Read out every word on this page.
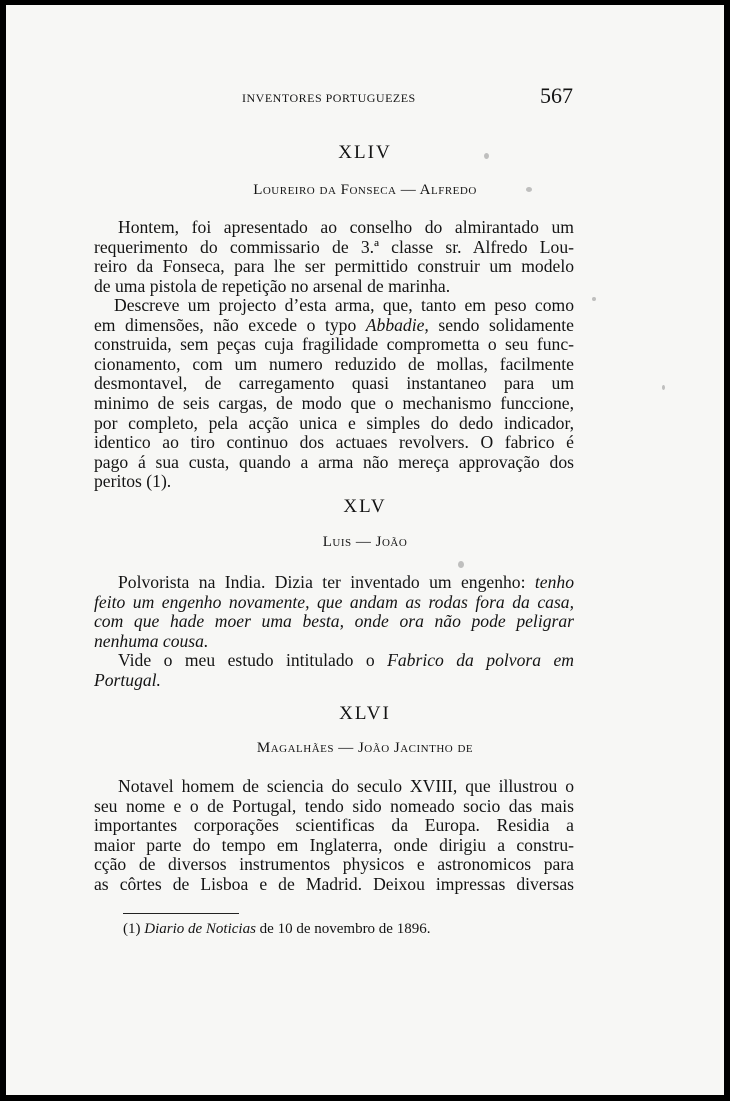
INVENTORES PORTUGUEZES	567
XLIV
Loureiro da Fonseca — Alfredo
Hontem, foi apresentado ao conselho do almirantado um
requerimento do commissario de 3.ª classe sr. Alfredo Lou-
reiro da Fonseca, para lhe ser permittido construir um modelo
de uma pistola de repetição no arsenal de marinha.
Descreve um projecto d’esta arma, que, tanto em peso como
em dimensões, não excede o typo Abbadie, sendo solidamente
construida, sem peças cuja fragilidade comprometta o seu func-
cionamento, com um numero reduzido de mollas, facilmente
desmontavel, de carregamento quasi instantaneo para um
minimo de seis cargas, de modo que o mechanismo funccione,
por completo, pela acção unica e simples do dedo indicador,
identico ao tiro continuo dos actuaes revolvers. O fabrico é
pago á sua custa, quando a arma não mereça approvação dos
peritos (1).
XLV
Luis — João
Polvorista na India. Dizia ter inventado um engenho: tenho
feito um engenho novamente, que andam as rodas fora da casa,
com que hade moer uma besta, onde ora não pode peligrar
nenhuma cousa.
Vide o meu estudo intitulado o Fabrico da polvora em
Portugal.
XLVI
Magalhães — João Jacintho de
Notavel homem de sciencia do seculo XVIII, que illustrou o
seu nome e o de Portugal, tendo sido nomeado socio das mais
importantes corporações scientificas da Europa. Residia a
maior parte do tempo em Inglaterra, onde dirigiu a constru-
cção de diversos instrumentos physicos e astronomicos para
as côrtes de Lisboa e de Madrid. Deixou impressas diversas
(1) Diario de Noticias de 10 de novembro de 1896.
